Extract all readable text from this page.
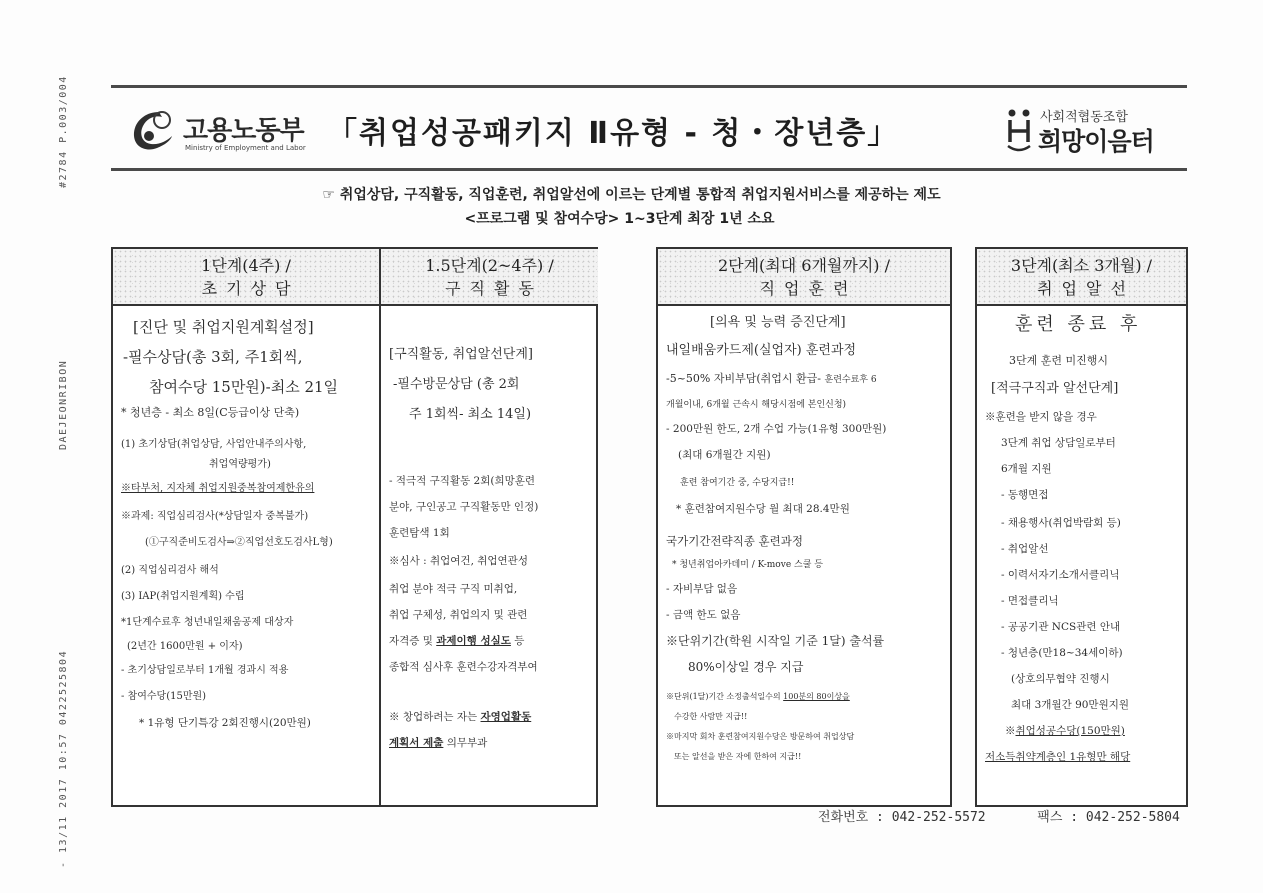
#2784 P.003/004
DAEJEONRIBON
- 13/11 2017 10:57 0422525804
고용노동부
Ministry of Employment and Labor 「취업성공패키지 Ⅱ유형 - 청・장년층」	사회적협동조합
희망이음터
☞ 취업상담, 구직활동, 직업훈련, 취업알선에 이르는 단계별 통합적 취업지원서비스를 제공하는 제도
<프로그램 및 참여수당> 1~3단계 최장 1년 소요
1단계(4주) /
초기상담
[진단 및 취업지원계획설정]
-필수상담(총 3회, 주1회씩,
참여수당 15만원)-최소 21일
* 청년층 - 최소 8일(C등급이상 단축)
(1) 초기상담(취업상담, 사업안내주의사항,
취업역량평가)
※타부처, 지자체 취업지원중복참여제한유의
※과제: 직업심리검사(*상담일자 중복불가)
(①구직준비도검사⇒②직업선호도검사L형)
(2) 직업심리검사 해석
(3) IAP(취업지원계획) 수립
*1단계수료후 청년내일채움공제 대상자
(2년간 1600만원 + 이자)
- 초기상담일로부터 1개월 경과시 적용
- 참여수당(15만원)
* 1유형 단기특강 2회진행시(20만원)
1.5단계(2~4주) /
구직활동
[구직활동, 취업알선단계]
-필수방문상담 (총 2회
주 1회씩- 최소 14일)
- 적극적 구직활동 2회(희망훈련
분야, 구인공고 구직활동만 인정)
훈련탐색 1회
※심사 : 취업여건, 취업연관성
취업 분야 적극 구직 미취업,
취업 구체성, 취업의지 및 관련
자격증 및 과제이행 성실도 등
종합적 심사후 훈련수강자격부여
※ 창업하려는 자는 자영업활동
계획서 제출 의무부과
2단계(최대 6개월까지) /
직업훈련
[의욕 및 능력 증진단계]
내일배움카드제(실업자) 훈련과정
-5~50% 자비부담(취업시 환급- 훈련수료후 6
개월이내, 6개월 근속시 해당시점에 본인신청)
- 200만원 한도, 2개 수업 가능(1유형 300만원)
(최대 6개월간 지원)
훈련 참여기간 중, 수당지급!!
* 훈련참여지원수당 월 최대 28.4만원
국가기간전략직종 훈련과정
* 청년취업아카데미 / K-move 스쿨 등
- 자비부담 없음
- 금액 한도 없음
※단위기간(학원 시작일 기준 1달) 출석률
80%이상일 경우 지급
※단위(1달)기간 소정출석일수의 100분의 80이상을
수강한 사람만 지급!!
※마지막 회차 훈련참여지원수당은 방문하여 취업상담
또는 알선을 받은 자에 한하여 지급!!
3단계(최소 3개월) /
취업알선
훈련 종료 후
3단계 훈련 미진행시
[적극구직과 알선단계]
※훈련을 받지 않을 경우
3단계 취업 상담일로부터
6개월 지원
- 동행면접
- 채용행사(취업박람회 등)
- 취업알선
- 이력서자기소개서클리닉
- 면접클리닉
- 공공기관 NCS관련 안내
- 청년층(만18~34세이하)
(상호의무협약 진행시
최대 3개월간 90만원지원
※취업성공수당(150만원)
저소득취약계층인 1유형만 해당
전화번호 : 042-252-5572	팩스 : 042-252-5804
